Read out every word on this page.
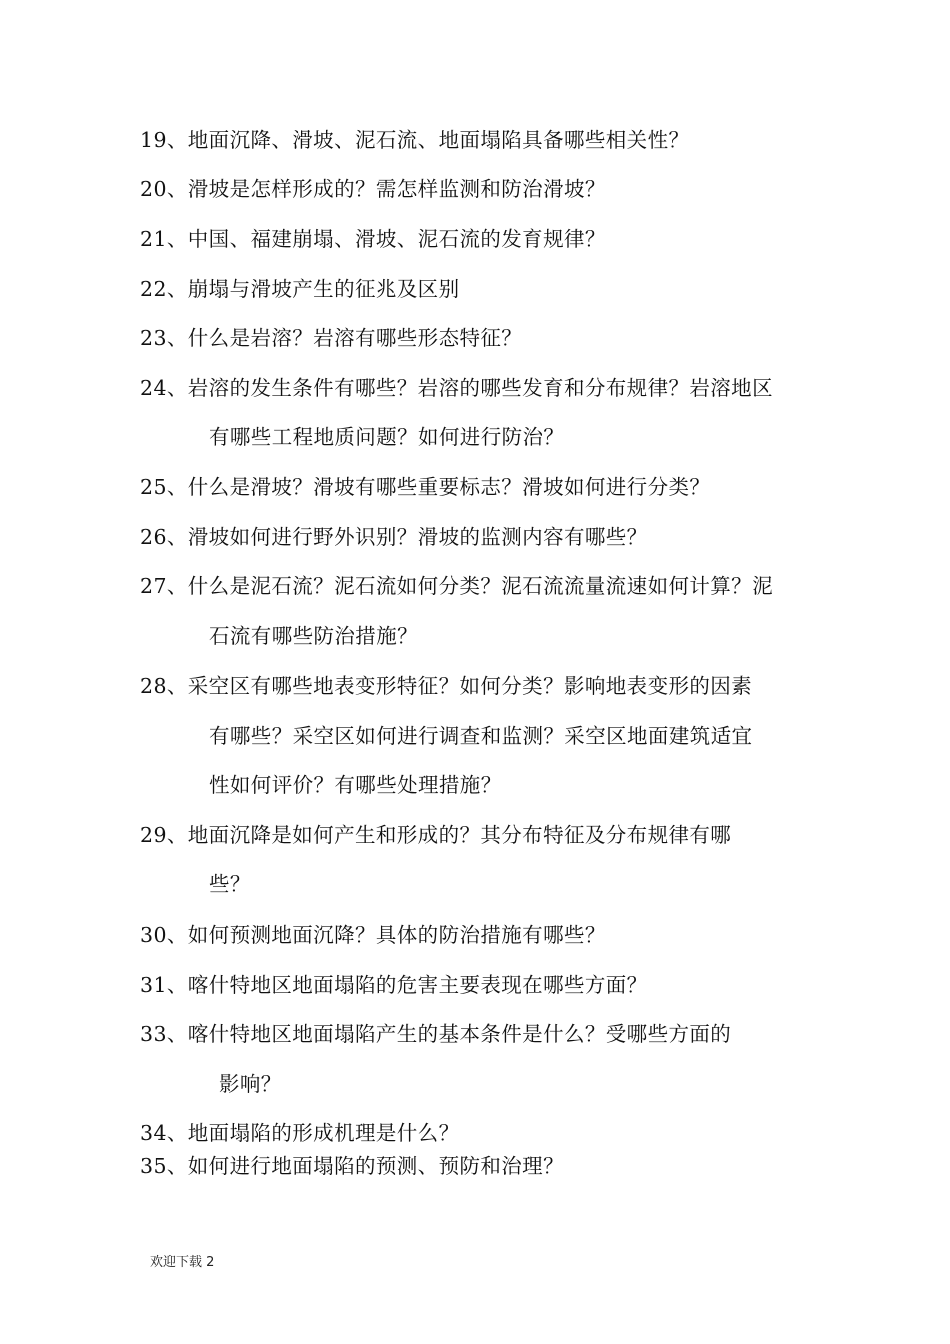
19、地面沉降、滑坡、泥石流、地面塌陷具备哪些相关性？
20、滑坡是怎样形成的？需怎样监测和防治滑坡？
21、中国、福建崩塌、滑坡、泥石流的发育规律？
22、崩塌与滑坡产生的征兆及区别
23、什么是岩溶？岩溶有哪些形态特征？
24、岩溶的发生条件有哪些？岩溶的哪些发育和分布规律？岩溶地区
有哪些工程地质问题？如何进行防治？
25、什么是滑坡？滑坡有哪些重要标志？滑坡如何进行分类？
26、滑坡如何进行野外识别？滑坡的监测内容有哪些？
27、什么是泥石流？泥石流如何分类？泥石流流量流速如何计算？泥
石流有哪些防治措施？
28、采空区有哪些地表变形特征？如何分类？影响地表变形的因素
有哪些？采空区如何进行调查和监测？采空区地面建筑适宜
性如何评价？有哪些处理措施？
29、地面沉降是如何产生和形成的？其分布特征及分布规律有哪
些？
30、如何预测地面沉降？具体的防治措施有哪些？
31、喀什特地区地面塌陷的危害主要表现在哪些方面？
33、喀什特地区地面塌陷产生的基本条件是什么？受哪些方面的
影响？
34、地面塌陷的形成机理是什么？
35、如何进行地面塌陷的预测、预防和治理？
欢迎下载 2
